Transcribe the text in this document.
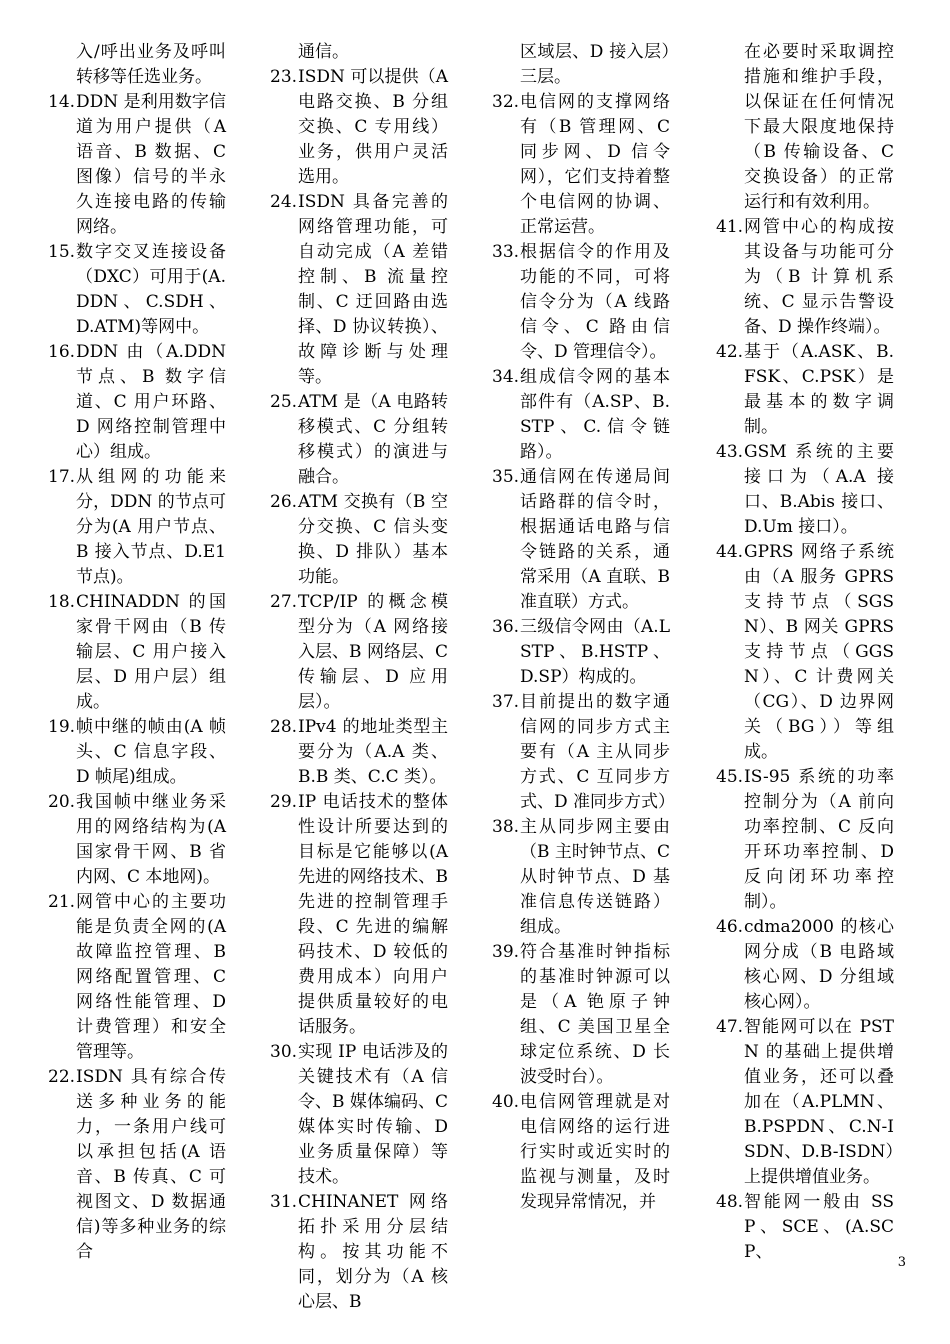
入/呼出业务及呼叫转移等任选业务。

14. DDN 是利用数字信道为用户提供（A 语音、B 数据、C 图像）信号的半永久连接电路的传输网络。
15. 数字交叉连接设备（DXC）可用于(A.DDN、C.SDH、D.ATM)等网中。
16. DDN 由（A.DDN 节点、B 数字信道、C 用户环路、D 网络控制管理中心）组成。
17. 从组网的功能来分，DDN 的节点可分为(A 用户节点、B 接入节点、D.E1 节点)。
18. CHINADDN 的国家骨干网由（B 传输层、C 用户接入层、D 用户层）组成。
19. 帧中继的帧由(A 帧头、C 信息字段、D 帧尾)组成。
20. 我国帧中继业务采用的网络结构为(A 国家骨干网、B 省内网、C 本地网)。
21. 网管中心的主要功能是负责全网的(A 故障监控管理、B 网络配置管理、C 网络性能管理、D 计费管理）和安全管理等。
22. ISDN 具有综合传送多种业务的能力，一条用户线可以承担包括(A 语音、B 传真、C 可视图文、D 数据通信)等多种业务的综合

通信。

23. ISDN 可以提供（A 电路交换、B 分组交换、C 专用线）业务，供用户灵活选用。
24. ISDN 具备完善的网络管理功能，可自动完成（A 差错控制、B 流量控制、C 迂回路由选择、D 协议转换）、故障诊断与处理等。
25. ATM 是（A 电路转移模式、C 分组转移模式）的演进与融合。
26. ATM 交换有（B 空分交换、C 信头变换、D 排队）基本功能。
27. TCP/IP 的概念模型分为（A 网络接入层、B 网络层、C 传输层、D 应用层）。
28. IPv4 的地址类型主要分为（A.A 类、B.B 类、C.C 类）。
29. IP 电话技术的整体性设计所要达到的目标是它能够以(A 先进的网络技术、B 先进的控制管理手段、C 先进的编解码技术、D 较低的费用成本）向用户提供质量较好的电话服务。
30. 实现 IP 电话涉及的关键技术有（A 信令、B 媒体编码、C 媒体实时传输、D 业务质量保障）等技术。
31. CHINANET 网络拓扑采用分层结构。按其功能不同，划分为（A 核心层、B

区域层、D 接入层）三层。

32. 电信网的支撑网络有（B 管理网、C 同步网、D 信令网），它们支持着整个电信网的协调、正常运营。
33. 根据信令的作用及功能的不同，可将信令分为（A 线路信令、C 路由信令、D 管理信令）。
34. 组成信令网的基本部件有（A.SP、B.STP、C.信令链路）。
35. 通信网在传递局间话路群的信令时，根据通话电路与信令链路的关系，通常采用（A 直联、B 准直联）方式。
36. 三级信令网由（A.LSTP、B.HSTP、D.SP）构成的。
37. 目前提出的数字通信网的同步方式主要有（A 主从同步方式、C 互同步方式、D 准同步方式）
38. 主从同步网主要由（B 主时钟节点、C 从时钟节点、D 基准信息传送链路）组成。
39. 符合基准时钟指标的基准时钟源可以是（A 铯原子钟组、C 美国卫星全球定位系统、D 长波受时台）。
40. 电信网管理就是对电信网络的运行进行实时或近实时的监视与测量，及时发现异常情况，并

在必要时采取调控措施和维护手段，以保证在任何情况下最大限度地保持（B 传输设备、C 交换设备）的正常运行和有效利用。

41. 网管中心的构成按其设备与功能可分为（B 计算机系统、C 显示告警设备、D 操作终端）。
42. 基于（A.ASK、B.FSK、C.PSK）是最基本的数字调制。
43. GSM 系统的主要接口为（A.A 接口、B.Abis 接口、D.Um 接口）。
44. GPRS 网络子系统由（A 服务 GPRS 支持节点（SGSN）、B 网关 GPRS 支持节点（GGSN）、C 计费网关（CG）、D 边界网关（BG））等组成。
45. IS-95 系统的功率控制分为（A 前向功率控制、C 反向开环功率控制、D 反向闭环功率控制）。
46. cdma2000 的核心网分成（B 电路域核心网、D 分组域核心网）。
47. 智能网可以在 PSTN 的基础上提供增值业务，还可以叠加在（A.PLMN、B.PSPDN、C.N-ISDN、D.B-ISDN）上提供增值业务。
48. 智能网一般由 SSP、SCE、(A.SCP、
3
